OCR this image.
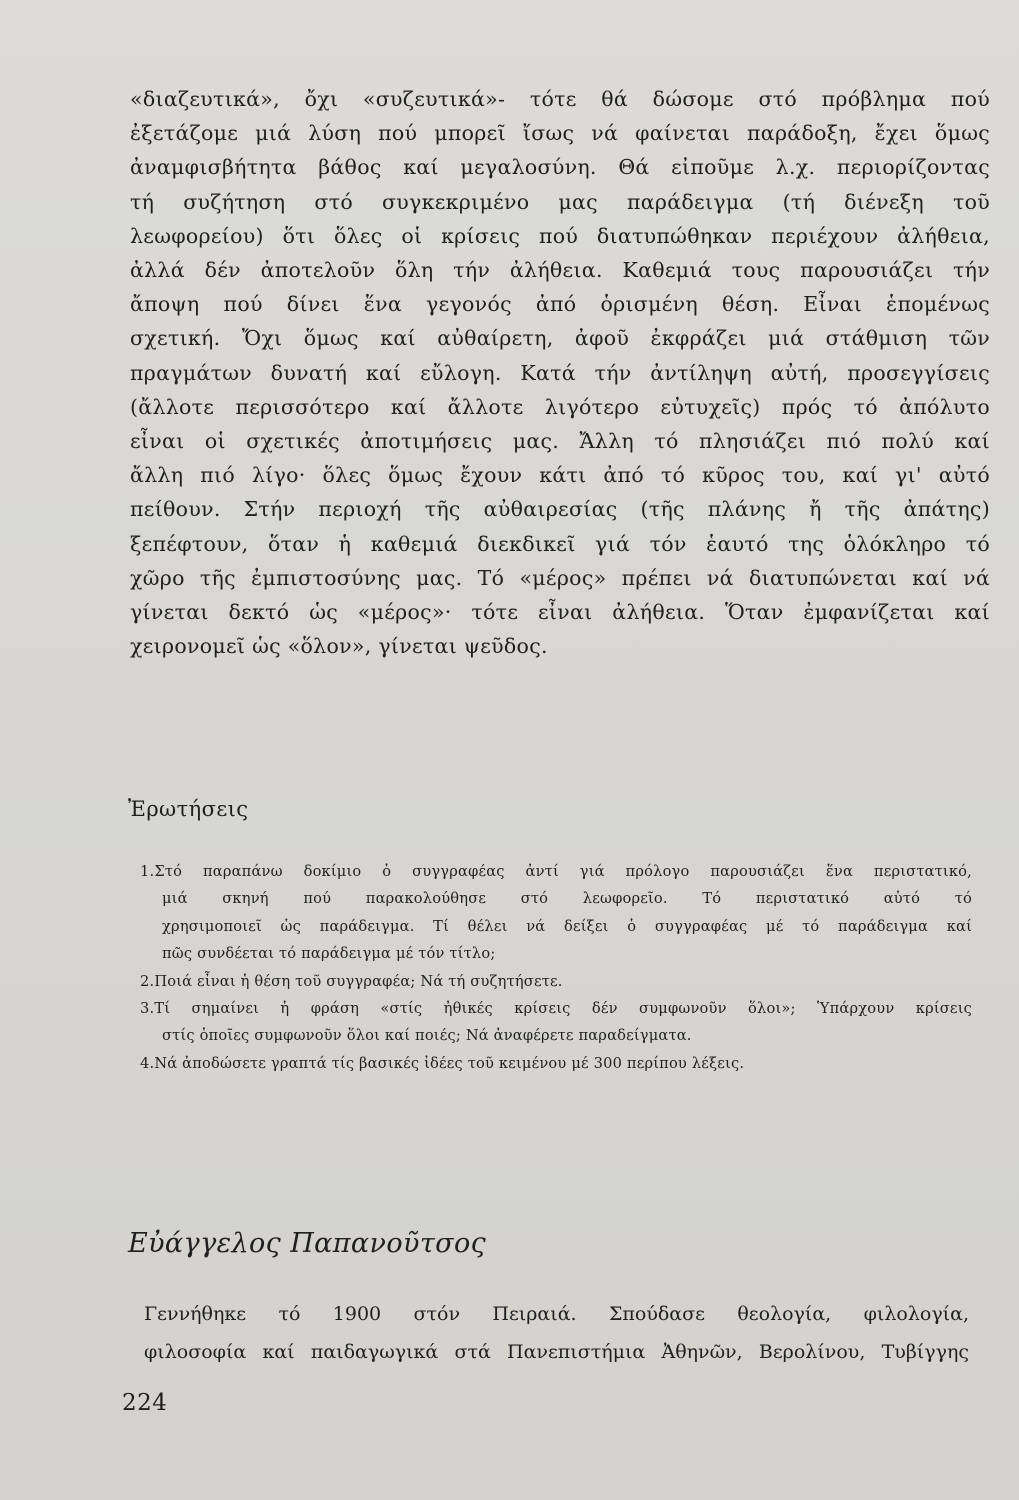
«διαζευτικά», ὄχι «συζευτικά»- τότε θά δώσομε στό πρόβλημα πού
ἐξετάζομε μιά λύση πού μπορεῖ ἴσως νά φαίνεται παράδοξη, ἔχει ὅμως
ἀναμφισβήτητα βάθος καί μεγαλοσύνη. Θά εἰποῦμε λ.χ. περιορίζοντας
τή συζήτηση στό συγκεκριμένο μας παράδειγμα (τή διένεξη τοῦ
λεωφορείου) ὅτι ὅλες οἱ κρίσεις πού διατυπώθηκαν περιέχουν ἀλήθεια,
ἀλλά δέν ἀποτελοῦν ὅλη τήν ἀλήθεια. Καθεμιά τους παρουσιάζει τήν
ἄποψη πού δίνει ἕνα γεγονός ἀπό ὁρισμένη θέση. Εἶναι ἑπομένως
σχετική. Ὄχι ὅμως καί αὐθαίρετη, ἀφοῦ ἐκφράζει μιά στάθμιση τῶν
πραγμάτων δυνατή καί εὔλογη. Κατά τήν ἀντίληψη αὐτή, προσεγγίσεις
(ἄλλοτε περισσότερο καί ἄλλοτε λιγότερο εὐτυχεῖς) πρός τό ἀπόλυτο
εἶναι οἱ σχετικές ἀποτιμήσεις μας. Ἄλλη τό πλησιάζει πιό πολύ καί
ἄλλη πιό λίγο· ὅλες ὅμως ἔχουν κάτι ἀπό τό κῦρος του, καί γι' αὐτό
πείθουν. Στήν περιοχή τῆς αὐθαιρεσίας (τῆς πλάνης ἤ τῆς ἀπάτης)
ξεπέφτουν, ὅταν ἡ καθεμιά διεκδικεῖ γιά τόν ἑαυτό της ὁλόκληρο τό
χῶρο τῆς ἐμπιστοσύνης μας. Τό «μέρος» πρέπει νά διατυπώνεται καί νά
γίνεται δεκτό ὡς «μέρος»· τότε εἶναι ἀλήθεια. Ὅταν ἐμφανίζεται καί
χειρονομεῖ ὡς «ὅλον», γίνεται ψεῦδος.
Ἐρωτήσεις
1.Στό παραπάνω δοκίμιο ὁ συγγραφέας ἀντί γιά πρόλογο παρουσιάζει ἕνα περιστατικό,
μιά σκηνή πού παρακολούθησε στό λεωφορεῖο. Τό περιστατικό αὐτό τό
χρησιμοποιεῖ ὡς παράδειγμα. Τί θέλει νά δείξει ὁ συγγραφέας μέ τό παράδειγμα καί
πῶς συνδέεται τό παράδειγμα μέ τόν τίτλο;
2.Ποιά εἶναι ἡ θέση τοῦ συγγραφέα; Νά τή συζητήσετε.
3.Τί σημαίνει ἡ φράση «στίς ἠθικές κρίσεις δέν συμφωνοῦν ὅλοι»; Ὑπάρχουν κρίσεις
στίς ὁποῖες συμφωνοῦν ὅλοι καί ποιές; Νά ἀναφέρετε παραδείγματα.
4.Νά ἀποδώσετε γραπτά τίς βασικές ἰδέες τοῦ κειμένου μέ 300 περίπου λέξεις.
Εὐάγγελος Παπανοῦτσος
Γεννήθηκε τό 1900 στόν Πειραιά. Σπούδασε θεολογία, φιλολογία,
φιλοσοφία καί παιδαγωγικά στά Πανεπιστήμια Ἀθηνῶν, Βερολίνου, Τυβίγγης
224
